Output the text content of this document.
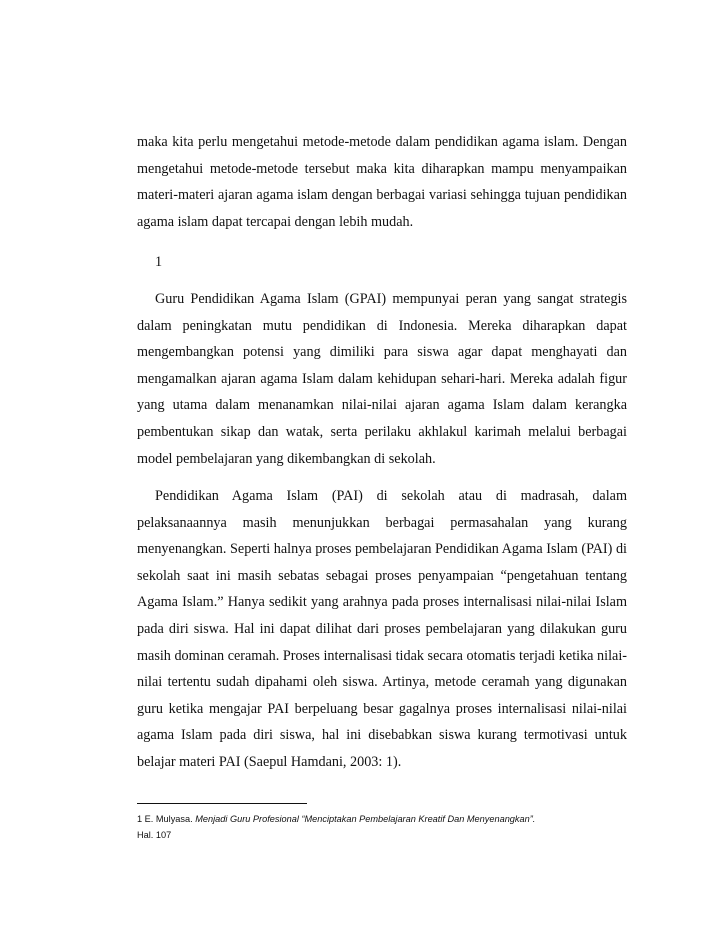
maka kita perlu mengetahui metode-metode dalam pendidikan agama islam. Dengan mengetahui metode-metode tersebut maka kita diharapkan mampu menyampaikan materi-materi ajaran agama islam dengan berbagai variasi sehingga tujuan pendidikan agama islam dapat tercapai dengan lebih mudah.

1

Guru Pendidikan Agama Islam (GPAI) mempunyai peran yang sangat strategis dalam peningkatan mutu pendidikan di Indonesia. Mereka diharapkan dapat mengembangkan potensi yang dimiliki para siswa agar dapat menghayati dan mengamalkan ajaran agama Islam dalam kehidupan sehari-hari. Mereka adalah figur yang utama dalam menanamkan nilai-nilai ajaran agama Islam dalam kerangka pembentukan sikap dan watak, serta perilaku akhlakul karimah melalui berbagai model pembelajaran yang dikembangkan di sekolah.

Pendidikan Agama Islam (PAI) di sekolah atau di madrasah, dalam pelaksanaannya masih menunjukkan berbagai permasahalan yang kurang menyenangkan. Seperti halnya proses pembelajaran Pendidikan Agama Islam (PAI) di sekolah saat ini masih sebatas sebagai proses penyampaian “pengetahuan tentang Agama Islam.” Hanya sedikit yang arahnya pada proses internalisasi nilai-nilai Islam pada diri siswa. Hal ini dapat dilihat dari proses pembelajaran yang dilakukan guru masih dominan ceramah. Proses internalisasi tidak secara otomatis terjadi ketika nilai-nilai tertentu sudah dipahami oleh siswa. Artinya, metode ceramah yang digunakan guru ketika mengajar PAI berpeluang besar gagalnya proses internalisasi nilai-nilai agama Islam pada diri siswa, hal ini disebabkan siswa kurang termotivasi untuk belajar materi PAI (Saepul Hamdani, 2003: 1).

1 E. Mulyasa. Menjadi Guru Profesional “Menciptakan Pembelajaran Kreatif Dan Menyenangkan”.
Hal. 107
